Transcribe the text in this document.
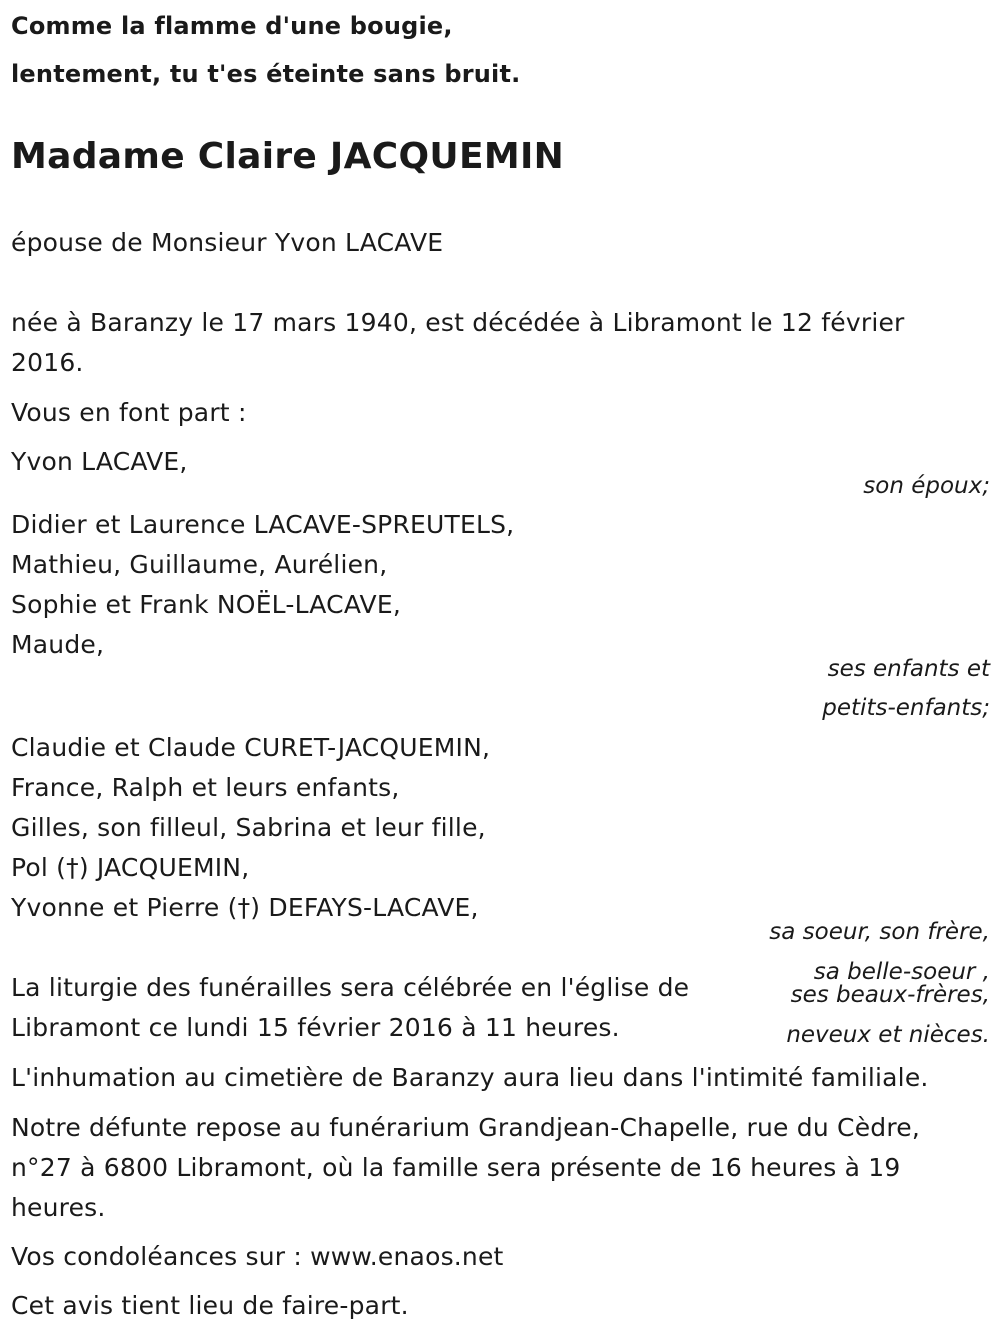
Comme la flamme d'une bougie,
lentement, tu t'es éteinte sans bruit.
Madame Claire JACQUEMIN
épouse de Monsieur Yvon LACAVE
née à Baranzy le 17 mars 1940, est décédée à Libramont le 12 février
2016.
Vous en font part :
Yvon LACAVE,
son époux;
Didier et Laurence LACAVE-SPREUTELS,
Mathieu, Guillaume, Aurélien,
Sophie et Frank NOËL-LACAVE,
Maude,
ses enfants et
petits-enfants;
Claudie et Claude CURET-JACQUEMIN,
France, Ralph et leurs enfants,
Gilles, son filleul, Sabrina et leur fille,
Pol (†) JACQUEMIN,
Yvonne et Pierre (†) DEFAYS-LACAVE,
sa soeur, son frère,
sa belle-soeur ,
ses beaux-frères,
neveux et nièces.
La liturgie des funérailles sera célébrée en l'église de
Libramont ce lundi 15 février 2016 à 11 heures.
L'inhumation au cimetière de Baranzy aura lieu dans l'intimité familiale.
Notre défunte repose au funérarium Grandjean-Chapelle, rue du Cèdre,
n°27 à 6800 Libramont, où la famille sera présente de 16 heures à 19
heures.
Vos condoléances sur : www.enaos.net
Cet avis tient lieu de faire-part.
